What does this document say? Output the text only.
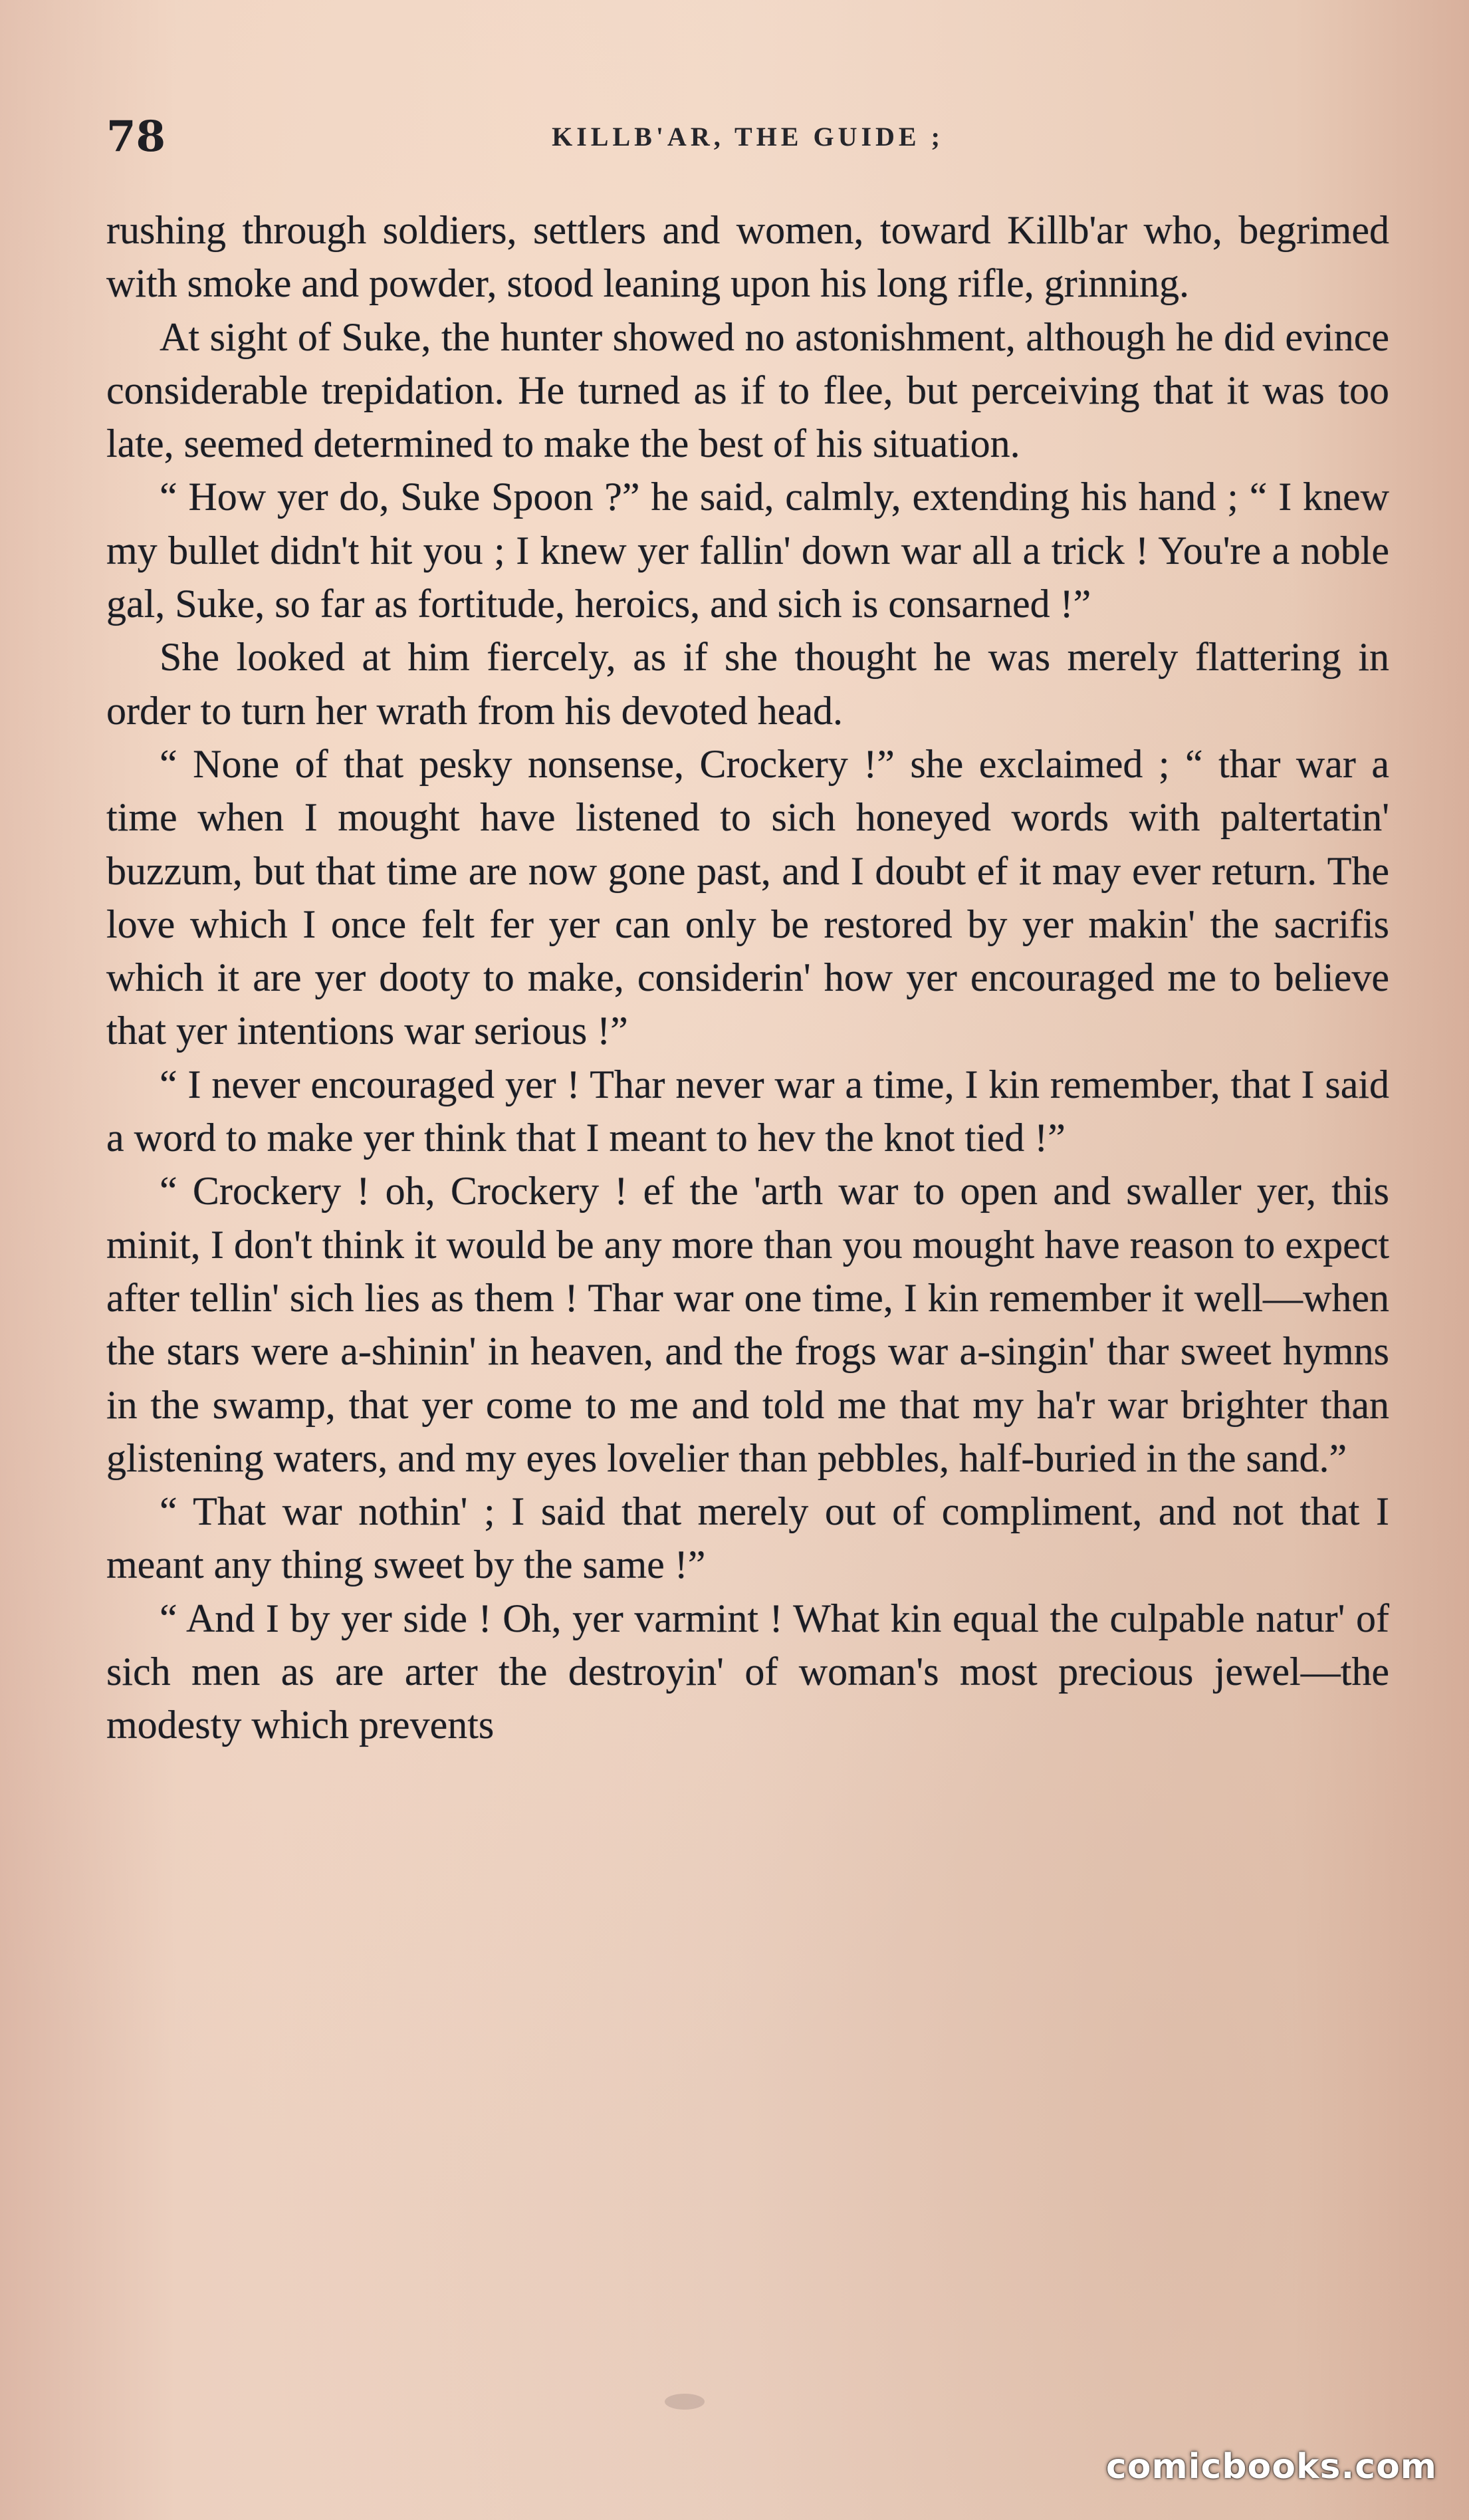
78	KILLB'AR, THE GUIDE ;

rushing through soldiers, settlers and women, toward Killb'ar who, begrimed with smoke and powder, stood leaning upon his long rifle, grinning.

At sight of Suke, the hunter showed no astonishment, although he did evince considerable trepidation. He turned as if to flee, but perceiving that it was too late, seemed determined to make the best of his situation.

“ How yer do, Suke Spoon ?” he said, calmly, extending his hand ; “ I knew my bullet didn't hit you ; I knew yer fallin' down war all a trick ! You're a noble gal, Suke, so far as fortitude, heroics, and sich is consarned !”

She looked at him fiercely, as if she thought he was merely flattering in order to turn her wrath from his devoted head.

“ None of that pesky nonsense, Crockery !” she exclaimed ; “ thar war a time when I mought have listened to sich honeyed words with paltertatin' buzzum, but that time are now gone past, and I doubt ef it may ever return. The love which I once felt fer yer can only be restored by yer makin' the sacrifis which it are yer dooty to make, considerin' how yer encouraged me to believe that yer intentions war serious !”

“ I never encouraged yer ! Thar never war a time, I kin remember, that I said a word to make yer think that I meant to hev the knot tied !”

“ Crockery ! oh, Crockery ! ef the 'arth war to open and swaller yer, this minit, I don't think it would be any more than you mought have reason to expect after tellin' sich lies as them ! Thar war one time, I kin remember it well—when the stars were a-shinin' in heaven, and the frogs war a-singin' thar sweet hymns in the swamp, that yer come to me and told me that my ha'r war brighter than glistening waters, and my eyes lovelier than pebbles, half-buried in the sand.”

“ That war nothin' ; I said that merely out of compliment, and not that I meant any thing sweet by the same !”

“ And I by yer side ! Oh, yer varmint ! What kin equal the culpable natur' of sich men as are arter the destroyin' of woman's most precious jewel—the modesty which prevents

comicbooks.com
